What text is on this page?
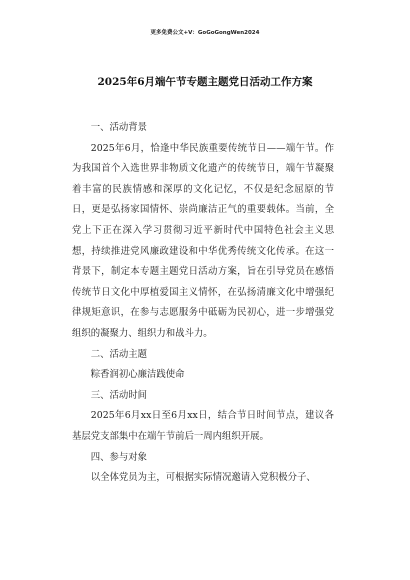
更多免费公文+V：GoGoGongWen2024
2025年6月端午节专题主题党日活动工作方案

一、活动背景

2025年6月，恰逢中华民族重要传统节日——端午节。作为我国首个入选世界非物质文化遗产的传统节日，端午节凝聚着丰富的民族情感和深厚的文化记忆，不仅是纪念屈原的节日，更是弘扬家国情怀、崇尚廉洁正气的重要载体。当前，全党上下正在深入学习贯彻习近平新时代中国特色社会主义思想，持续推进党风廉政建设和中华优秀传统文化传承。在这一背景下，制定本专题主题党日活动方案，旨在引导党员在感悟传统节日文化中厚植爱国主义情怀，在弘扬清廉文化中增强纪律规矩意识，在参与志愿服务中砥砺为民初心，进一步增强党组织的凝聚力、组织力和战斗力。

二、活动主题

粽香润初心廉洁践使命

三、活动时间

2025年6月xx日至6月xx日，结合节日时间节点，建议各基层党支部集中在端午节前后一周内组织开展。

四、参与对象

以全体党员为主，可根据实际情况邀请入党积极分子、
